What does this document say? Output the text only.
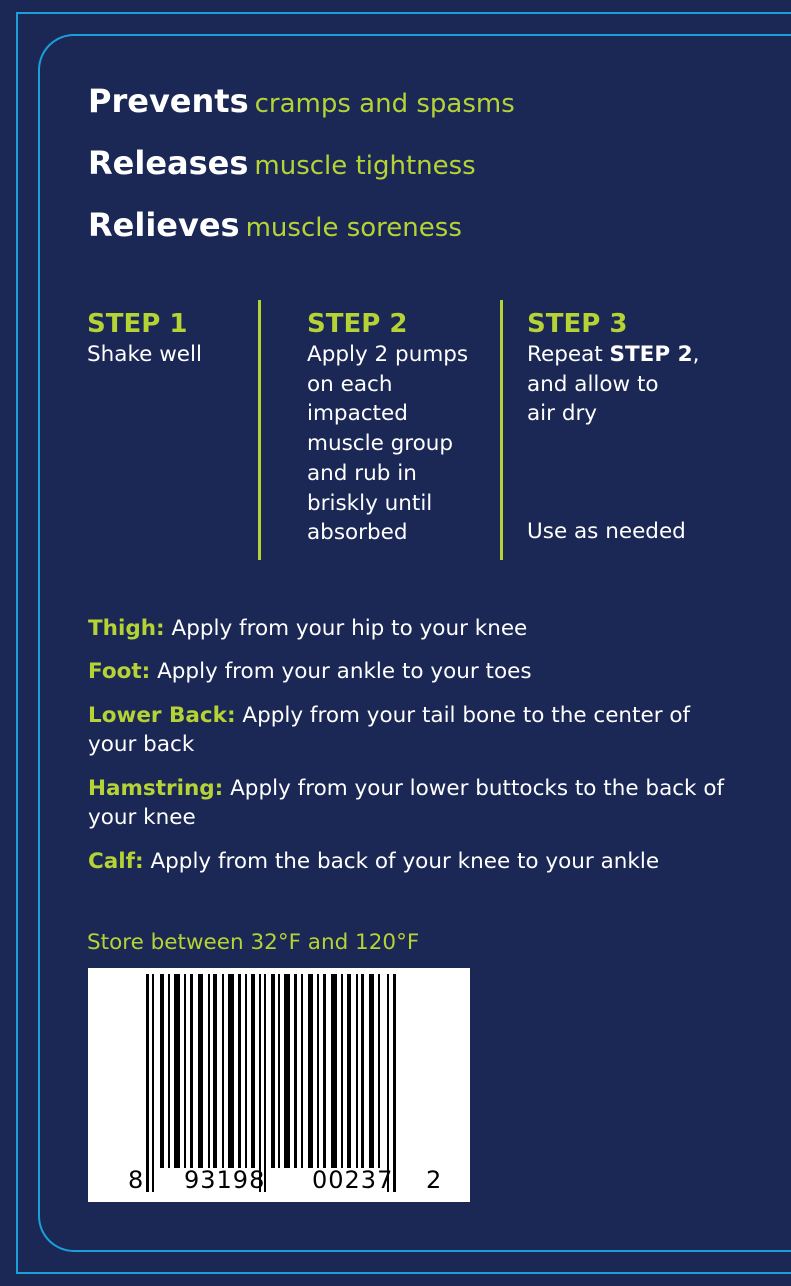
Prevents cramps and spasms
Releases muscle tightness
Relieves muscle soreness
STEP 1
Shake well
STEP 2
Apply 2 pumps
on each
impacted
muscle group
and rub in
briskly until
absorbed
STEP 3
Repeat STEP 2,
and allow to
air dry
Use as needed
Thigh: Apply from your hip to your knee
Foot: Apply from your ankle to your toes
Lower Back: Apply from your tail bone to the center of your back
Hamstring: Apply from your lower buttocks to the back of your knee
Calf: Apply from the back of your knee to your ankle
Store between 32°F and 120°F
8 93198 00237 2
